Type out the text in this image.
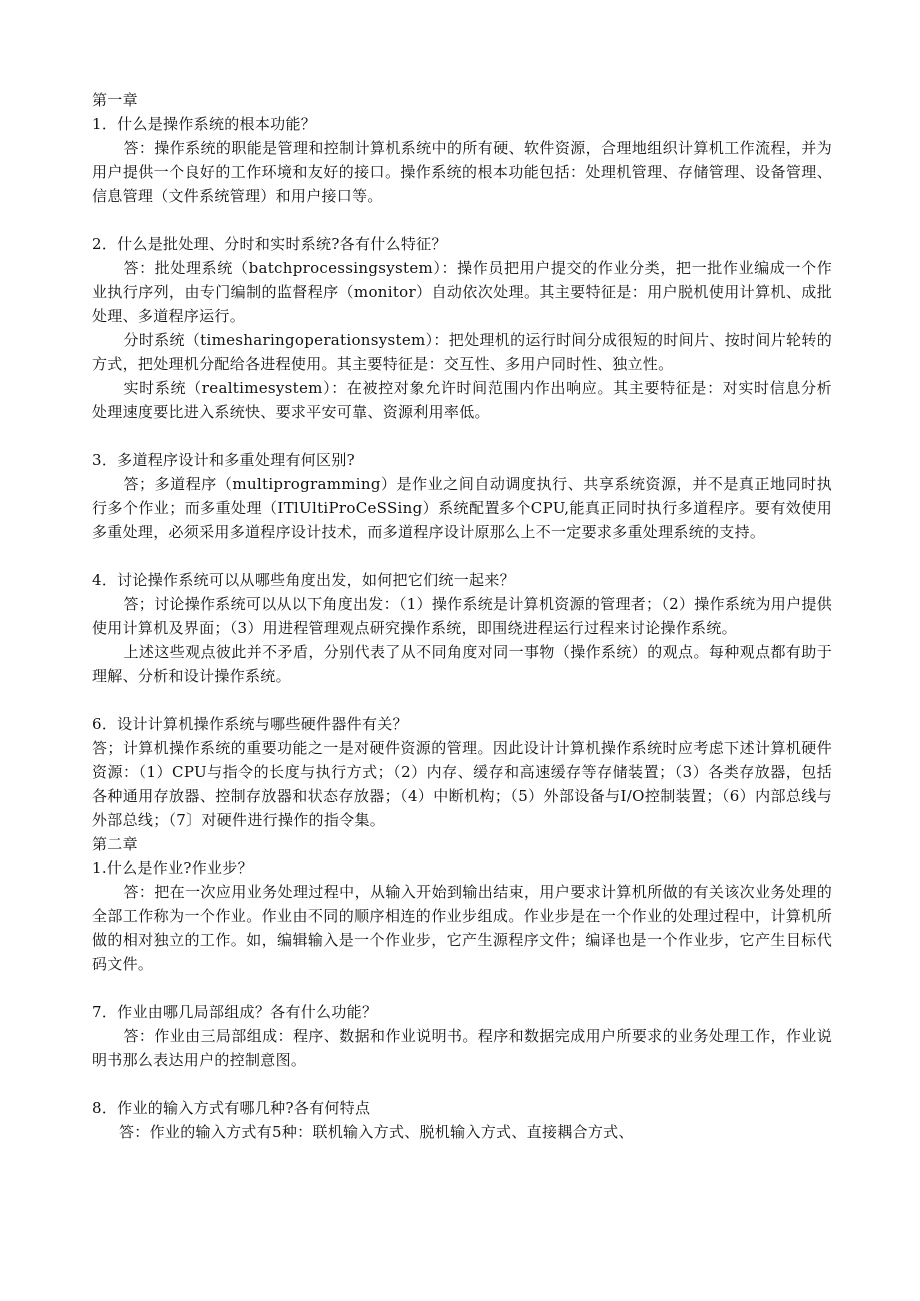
第一章

1．什么是操作系统的根本功能？

答：操作系统的职能是管理和控制计算机系统中的所有硬、软件资源，合理地组织计算机工作流程，并为用户提供一个良好的工作环境和友好的接口。操作系统的根本功能包括：处理机管理、存储管理、设备管理、信息管理（文件系统管理）和用户接口等。

2．什么是批处理、分时和实时系统?各有什么特征？

答：批处理系统（batchprocessingsystem）：操作员把用户提交的作业分类，把一批作业编成一个作业执行序列，由专门编制的监督程序（monitor）自动依次处理。其主要特征是：用户脱机使用计算机、成批处理、多道程序运行。

分时系统（timesharingoperationsystem）：把处理机的运行时间分成很短的时间片、按时间片轮转的方式，把处理机分配给各进程使用。其主要特征是：交互性、多用户同时性、独立性。

实时系统（realtimesystem）：在被控对象允许时间范围内作出响应。其主要特征是：对实时信息分析处理速度要比进入系统快、要求平安可靠、资源利用率低。

3．多道程序设计和多重处理有何区别?

答；多道程序（multiprogramming）是作业之间自动调度执行、共享系统资源，并不是真正地同时执行多个作业；而多重处理（ITlUltiProCeSSing）系统配置多个CPU,能真正同时执行多道程序。要有效使用多重处理，必须采用多道程序设计技术，而多道程序设计原那么上不一定要求多重处理系统的支持。

4．讨论操作系统可以从哪些角度出发，如何把它们统一起来？

答；讨论操作系统可以从以下角度出发：（1）操作系统是计算机资源的管理者；（2）操作系统为用户提供使用计算机及界面；（3）用进程管理观点研究操作系统，即围绕进程运行过程来讨论操作系统。

上述这些观点彼此并不矛盾，分别代表了从不同角度对同一事物（操作系统）的观点。每种观点都有助于理解、分析和设计操作系统。

6．设计计算机操作系统与哪些硬件器件有关？

答；计算机操作系统的重要功能之一是对硬件资源的管理。因此设计计算机操作系统时应考虑下述计算机硬件资源：（1）CPU与指令的长度与执行方式；（2）内存、缓存和高速缓存等存储装置；（3）各类存放器，包括各种通用存放器、控制存放器和状态存放器；（4）中断机构；（5）外部设备与I/O控制装置；（6）内部总线与外部总线；（7〕对硬件进行操作的指令集。

第二章

1.什么是作业?作业步？

答：把在一次应用业务处理过程中，从输入开始到输出结束，用户要求计算机所做的有关该次业务处理的全部工作称为一个作业。作业由不同的顺序相连的作业步组成。作业步是在一个作业的处理过程中，计算机所做的相对独立的工作。如，编辑输入是一个作业步，它产生源程序文件；编译也是一个作业步，它产生目标代码文件。

7．作业由哪几局部组成？各有什么功能？

答：作业由三局部组成：程序、数据和作业说明书。程序和数据完成用户所要求的业务处理工作，作业说明书那么表达用户的控制意图。

8．作业的输入方式有哪几种?各有何特点

答：作业的输入方式有5种：联机输入方式、脱机输入方式、直接耦合方式、
